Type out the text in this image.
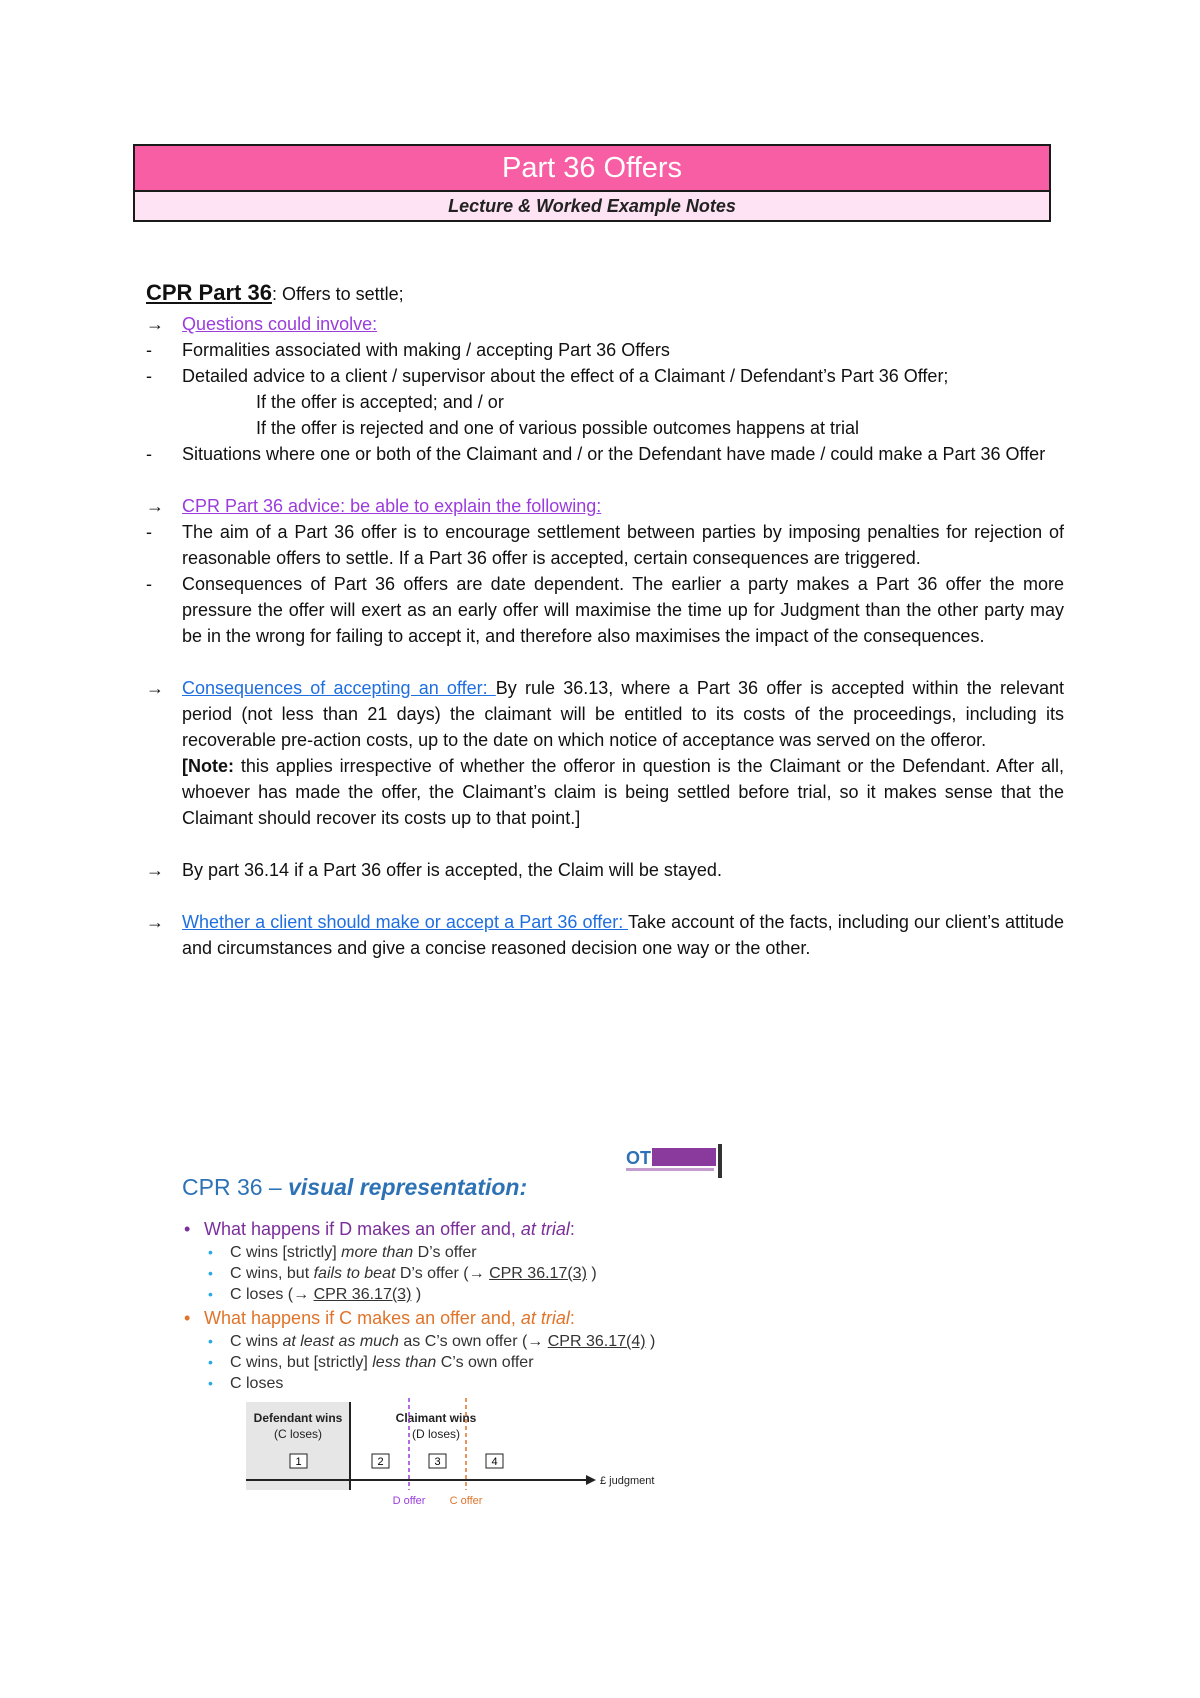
Part 36 Offers
Lecture & Worked Example Notes
CPR Part 36: Offers to settle;
→	Questions could involve:
- Formalities associated with making / accepting Part 36 Offers
- Detailed advice to a client / supervisor about the effect of a Claimant / Defendant’s Part 36 Offer;
If the offer is accepted; and / or
If the offer is rejected and one of various possible outcomes happens at trial
- Situations where one or both of the Claimant and / or the Defendant have made / could make a Part 36 Offer
→	CPR Part 36 advice: be able to explain the following:
- The aim of a Part 36 offer is to encourage settlement between parties by imposing penalties for rejection of reasonable offers to settle. If a Part 36 offer is accepted, certain consequences are triggered.
- Consequences of Part 36 offers are date dependent. The earlier a party makes a Part 36 offer the more pressure the offer will exert as an early offer will maximise the time up for Judgment than the other party may be in the wrong for failing to accept it, and therefore also maximises the impact of the consequences.
→	Consequences of accepting an offer: By rule 36.13, where a Part 36 offer is accepted within the relevant period (not less than 21 days) the claimant will be entitled to its costs of the proceedings, including its recoverable pre-action costs, up to the date on which notice of acceptance was served on the offeror.
[Note: this applies irrespective of whether the offeror in question is the Claimant or the Defendant. After all, whoever has made the offer, the Claimant’s claim is being settled before trial, so it makes sense that the Claimant should recover its costs up to that point.]
→	By part 36.14 if a Part 36 offer is accepted, the Claim will be stayed.
→	Whether a client should make or accept a Part 36 offer: Take account of the facts, including our client’s attitude and circumstances and give a concise reasoned decision one way or the other.
OT
CPR 36 – visual representation:
• What happens if D makes an offer and, at trial:
• C wins [strictly] more than D’s offer
• C wins, but fails to beat D’s offer (→ CPR 36.17(3) )
• C loses (→ CPR 36.17(3) )
• What happens if C makes an offer and, at trial:
• C wins at least as much as C’s own offer (→ CPR 36.17(4) )
• C wins, but [strictly] less than C’s own offer
• C loses
Defendant wins
(C loses)
Claimant wins
(D loses)
1	2	3	4
£ judgment
D offer C offer
